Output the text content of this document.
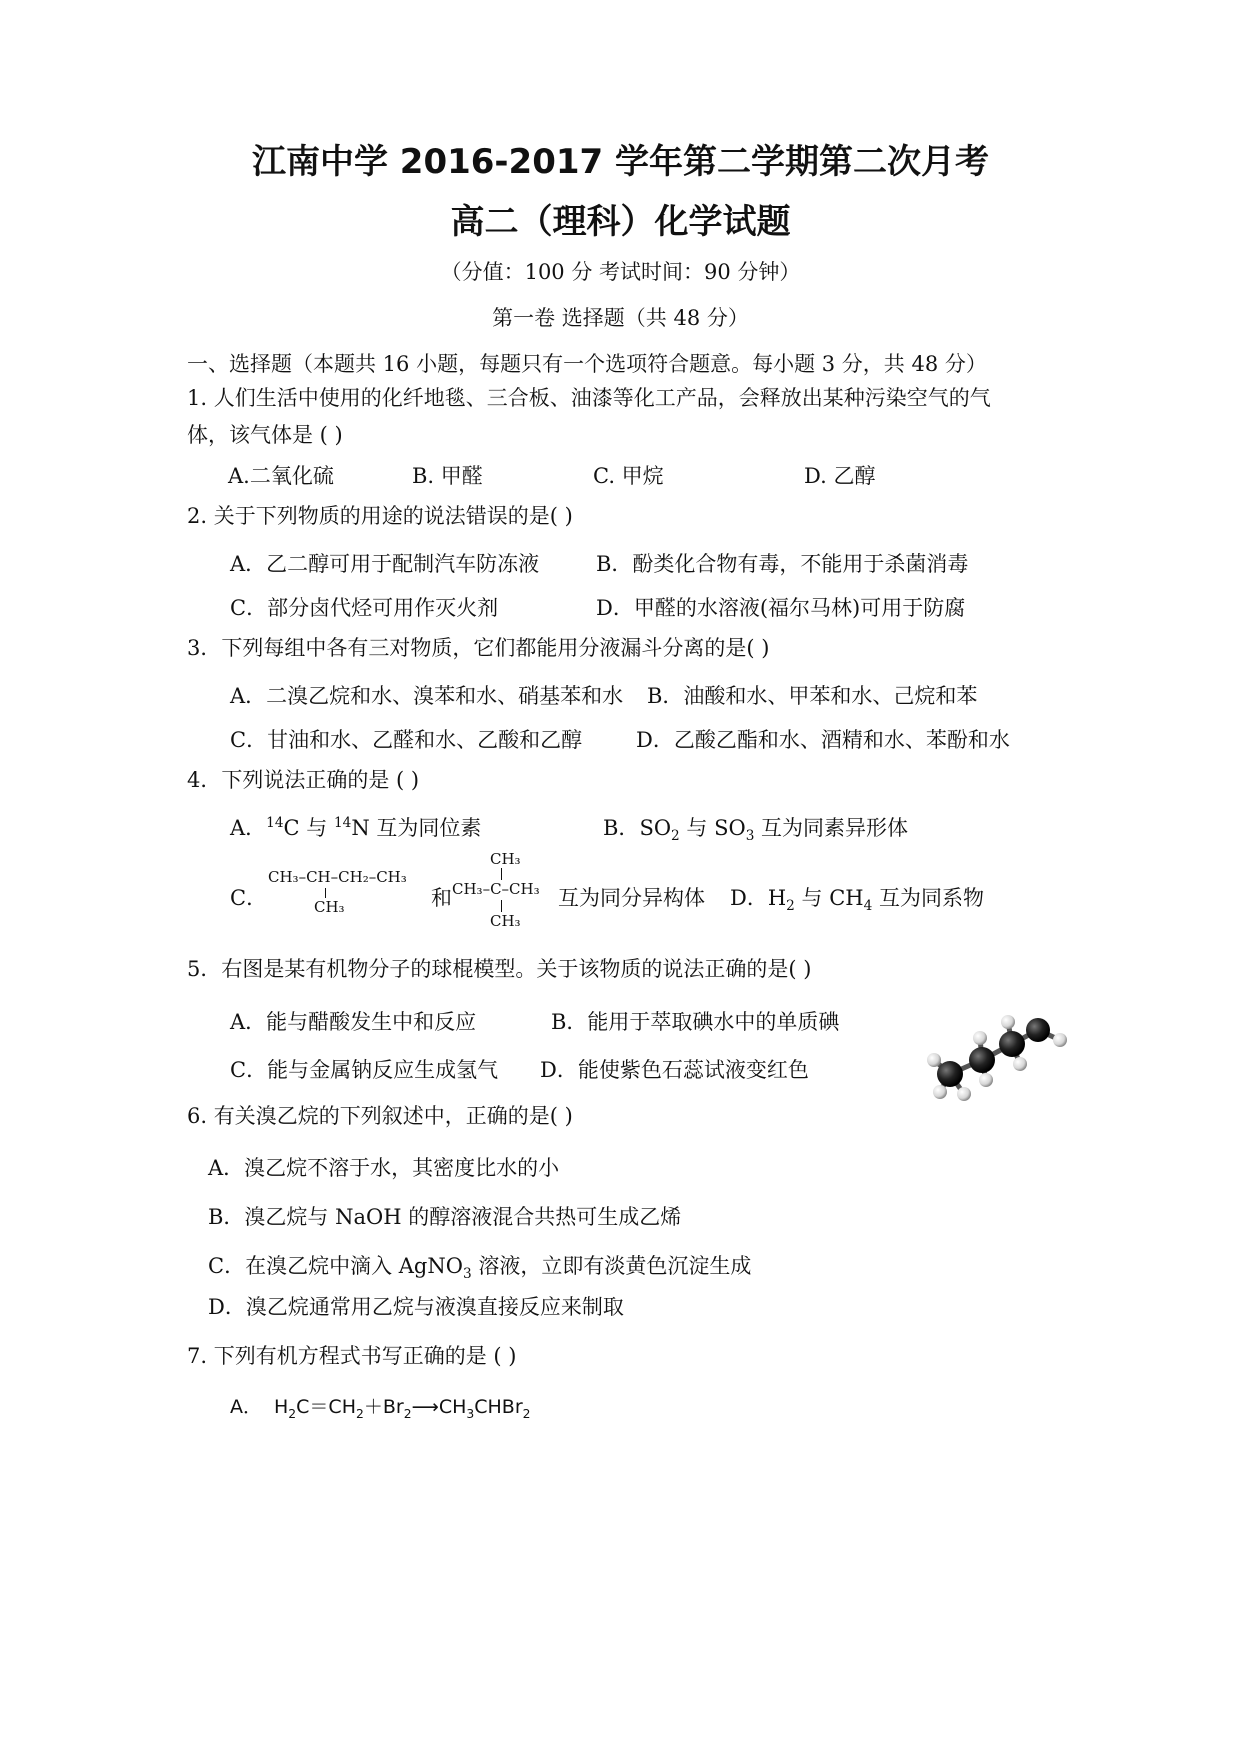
江南中学 2016-2017 学年第二学期第二次月考
高二（理科）化学试题
（分值：100 分 考试时间：90 分钟）
第一卷 选择题（共 48 分）
一、选择题（本题共 16 小题，每题只有一个选项符合题意。每小题 3 分，共 48 分）
1. 人们生活中使用的化纤地毯、三合板、油漆等化工产品，会释放出某种污染空气的气
体，该气体是 ( )
A.二氧化硫	B. 甲醛	C. 甲烷	D. 乙醇
2. 关于下列物质的用途的说法错误的是( )
A．乙二醇可用于配制汽车防冻液	B．酚类化合物有毒，不能用于杀菌消毒
C．部分卤代烃可用作灭火剂	D．甲醛的水溶液(福尔马林)可用于防腐
3．下列每组中各有三对物质，它们都能用分液漏斗分离的是( )
A．二溴乙烷和水、溴苯和水、硝基苯和水 B．油酸和水、甲苯和水、己烷和苯
C．甘油和水、乙醛和水、乙酸和乙醇	D．乙酸乙酯和水、酒精和水、苯酚和水
4．下列说法正确的是 ( )
A．$^{14}$C 与 $^{14}$N 互为同位素	B．$SO_2$ 与 $SO_3$ 互为同素异形体
C．
CH₃–CH–CH₂–CH₃
CH₃	和
CH₃
CH₃–C–CH₃
CH₃
互为同分异构体 D．$H_2$ 与 $CH_4$ 互为同系物
5．右图是某有机物分子的球棍模型。关于该物质的说法正确的是( )
A．能与醋酸发生中和反应	B．能用于萃取碘水中的单质碘
C．能与金属钠反应生成氢气 D．能使紫色石蕊试液变红色
6. 有关溴乙烷的下列叙述中，正确的是( )
A．溴乙烷不溶于水，其密度比水的小
B．溴乙烷与 NaOH 的醇溶液混合共热可生成乙烯
C．在溴乙烷中滴入 AgNO$_3$ 溶液，立即有淡黄色沉淀生成
D．溴乙烷通常用乙烷与液溴直接反应来制取
7. 下列有机方程式书写正确的是 ( )
A． $H_2C=CH_2+Br_2⟶CH_3CHBr_2$
